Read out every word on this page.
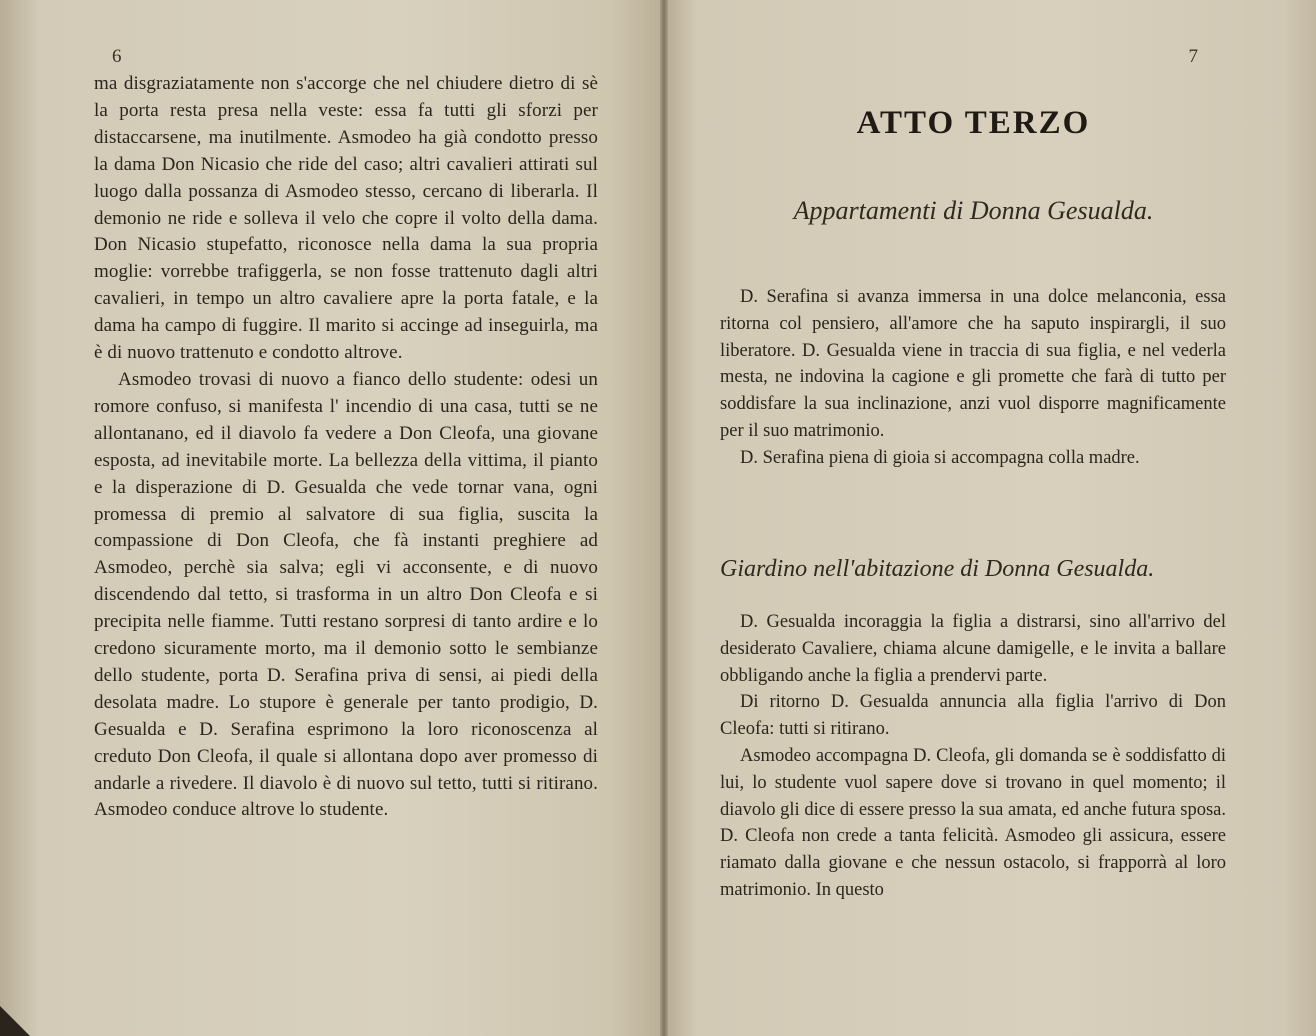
6

ma disgraziatamente non s'accorge che nel chiudere dietro di sè la porta resta presa nella veste: essa fa tutti gli sforzi per distaccarsene, ma inutilmente. Asmodeo ha già condotto presso la dama Don Nicasio che ride del caso; altri cavalieri attirati sul luogo dalla possanza di Asmodeo stesso, cercano di liberarla. Il demonio ne ride e solleva il velo che copre il volto della dama. Don Nicasio stupefatto, riconosce nella dama la sua propria moglie: vorrebbe trafiggerla, se non fosse trattenuto dagli altri cavalieri, in tempo un altro cavaliere apre la porta fatale, e la dama ha campo di fuggire. Il marito si accinge ad inseguirla, ma è di nuovo trattenuto e condotto altrove.

Asmodeo trovasi di nuovo a fianco dello studente: odesi un romore confuso, si manifesta l' incendio di una casa, tutti se ne allontanano, ed il diavolo fa vedere a Don Cleofa, una giovane esposta, ad inevitabile morte. La bellezza della vittima, il pianto e la disperazione di D. Gesualda che vede tornar vana, ogni promessa di premio al salvatore di sua figlia, suscita la compassione di Don Cleofa, che fà instanti preghiere ad Asmodeo, perchè sia salva; egli vi acconsente, e di nuovo discendendo dal tetto, si trasforma in un altro Don Cleofa e si precipita nelle fiamme. Tutti restano sorpresi di tanto ardire e lo credono sicuramente morto, ma il demonio sotto le sembianze dello studente, porta D. Serafina priva di sensi, ai piedi della desolata madre. Lo stupore è generale per tanto prodigio, D. Gesualda e D. Serafina esprimono la loro riconoscenza al creduto Don Cleofa, il quale si allontana dopo aver promesso di andarle a rivedere. Il diavolo è di nuovo sul tetto, tutti si ritirano. Asmodeo conduce altrove lo studente.

7
ATTO TERZO
Appartamenti di Donna Gesualda.

D. Serafina si avanza immersa in una dolce melanconia, essa ritorna col pensiero, all'amore che ha saputo inspirargli, il suo liberatore. D. Gesualda viene in traccia di sua figlia, e nel vederla mesta, ne indovina la cagione e gli promette che farà di tutto per soddisfare la sua inclinazione, anzi vuol disporre magnificamente per il suo matrimonio.

D. Serafina piena di gioia si accompagna colla madre.

Giardino nell'abitazione di Donna Gesualda.

D. Gesualda incoraggia la figlia a distrarsi, sino all'arrivo del desiderato Cavaliere, chiama alcune damigelle, e le invita a ballare obbligando anche la figlia a prendervi parte.

Di ritorno D. Gesualda annuncia alla figlia l'arrivo di Don Cleofa: tutti si ritirano.

Asmodeo accompagna D. Cleofa, gli domanda se è soddisfatto di lui, lo studente vuol sapere dove si trovano in quel momento; il diavolo gli dice di essere presso la sua amata, ed anche futura sposa. D. Cleofa non crede a tanta felicità. Asmodeo gli assicura, essere riamato dalla giovane e che nessun ostacolo, si frapporrà al loro matrimonio. In questo
